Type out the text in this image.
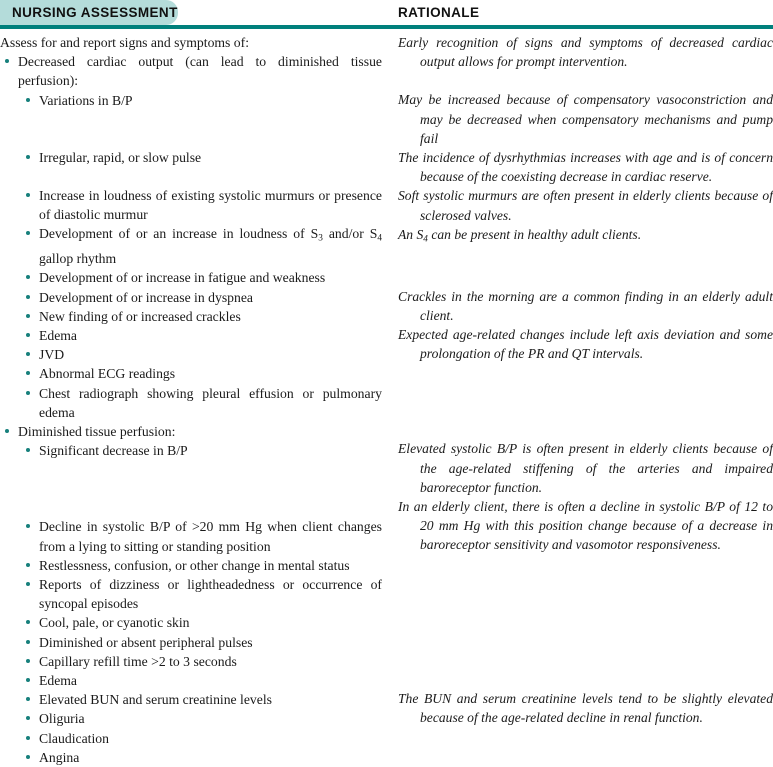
NURSING ASSESSMENT	RATIONALE

Assess for and report signs and symptoms of:

Decreased cardiac output (can lead to diminished tissue perfusion):
Variations in B/P
Irregular, rapid, or slow pulse
Increase in loudness of existing systolic murmurs or presence of diastolic murmur
Development of or an increase in loudness of $S_3$ and/or $S_4$ gallop rhythm
Development of or increase in fatigue and weakness
Development of or increase in dyspnea
New finding of or increased crackles
Edema
JVD
Abnormal ECG readings
Chest radiograph showing pleural effusion or pulmonary edema
Diminished tissue perfusion:
Significant decrease in B/P
Decline in systolic B/P of >20 mm Hg when client changes from a lying to sitting or standing position
Restlessness, confusion, or other change in mental status
Reports of dizziness or lightheadedness or occurrence of syncopal episodes
Cool, pale, or cyanotic skin
Diminished or absent peripheral pulses
Capillary refill time >2 to 3 seconds
Edema
Elevated BUN and serum creatinine levels
Oliguria
Claudication
Angina

Early recognition of signs and symptoms of decreased cardiac output allows for prompt intervention.

May be increased because of compensatory vasoconstriction and may be decreased when compensatory mechanisms and pump fail

The incidence of dysrhythmias increases with age and is of concern because of the coexisting decrease in cardiac reserve.

Soft systolic murmurs are often present in elderly clients because of sclerosed valves.

An $S_4$ can be present in healthy adult clients.

Crackles in the morning are a common finding in an elderly adult client.

Expected age-related changes include left axis deviation and some prolongation of the PR and QT intervals.

Elevated systolic B/P is often present in elderly clients because of the age-related stiffening of the arteries and impaired baroreceptor function.

In an elderly client, there is often a decline in systolic B/P of 12 to 20 mm Hg with this position change because of a decrease in baroreceptor sensitivity and vasomotor responsiveness.

The BUN and serum creatinine levels tend to be slightly elevated because of the age-related decline in renal function.
